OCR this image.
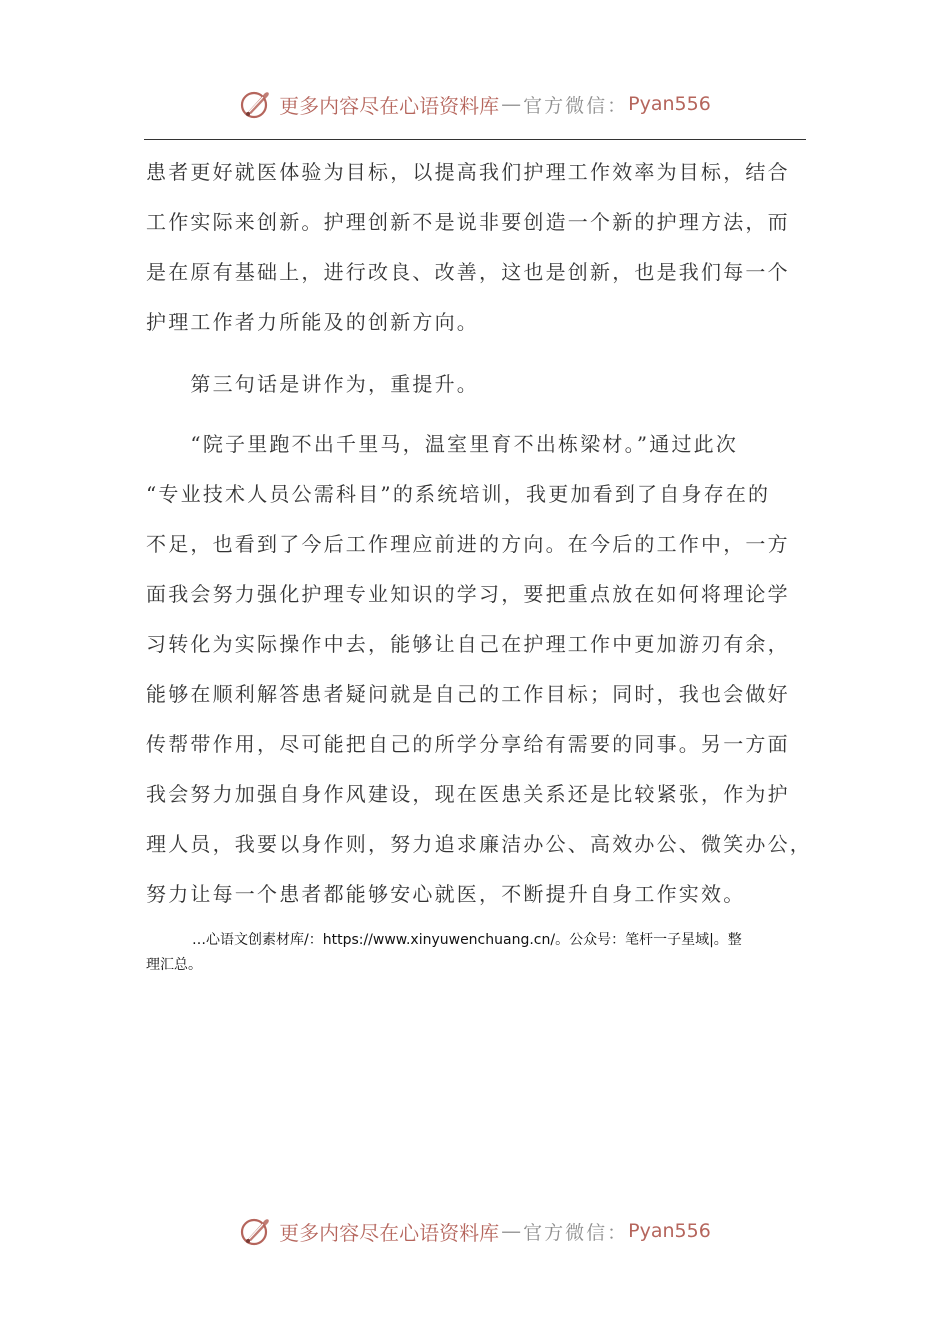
更多内容尽在心语资料库 — 官方微信： Pyan556
患者更好就医体验为目标，以提高我们护理工作效率为目标，结合
工作实际来创新。护理创新不是说非要创造一个新的护理方法，而
是在原有基础上，进行改良、改善，这也是创新，也是我们每一个
护理工作者力所能及的创新方向。
　　第三句话是讲作为，重提升。
　　“院子里跑不出千里马，温室里育不出栋梁材。”通过此次
“专业技术人员公需科目”的系统培训，我更加看到了自身存在的
不足，也看到了今后工作理应前进的方向。在今后的工作中，一方
面我会努力强化护理专业知识的学习，要把重点放在如何将理论学
习转化为实际操作中去，能够让自己在护理工作中更加游刃有余，
能够在顺利解答患者疑问就是自己的工作目标；同时，我也会做好
传帮带作用，尽可能把自己的所学分享给有需要的同事。另一方面
我会努力加强自身作风建设，现在医患关系还是比较紧张，作为护
理人员，我要以身作则，努力追求廉洁办公、高效办公、微笑办公，
努力让每一个患者都能够安心就医，不断提升自身工作实效。
…心语文创素材库/：https://www.xinyuwenchuang.cn/。公众号：笔杆一子星域|。整
理汇总。
更多内容尽在心语资料库 — 官方微信： Pyan556
